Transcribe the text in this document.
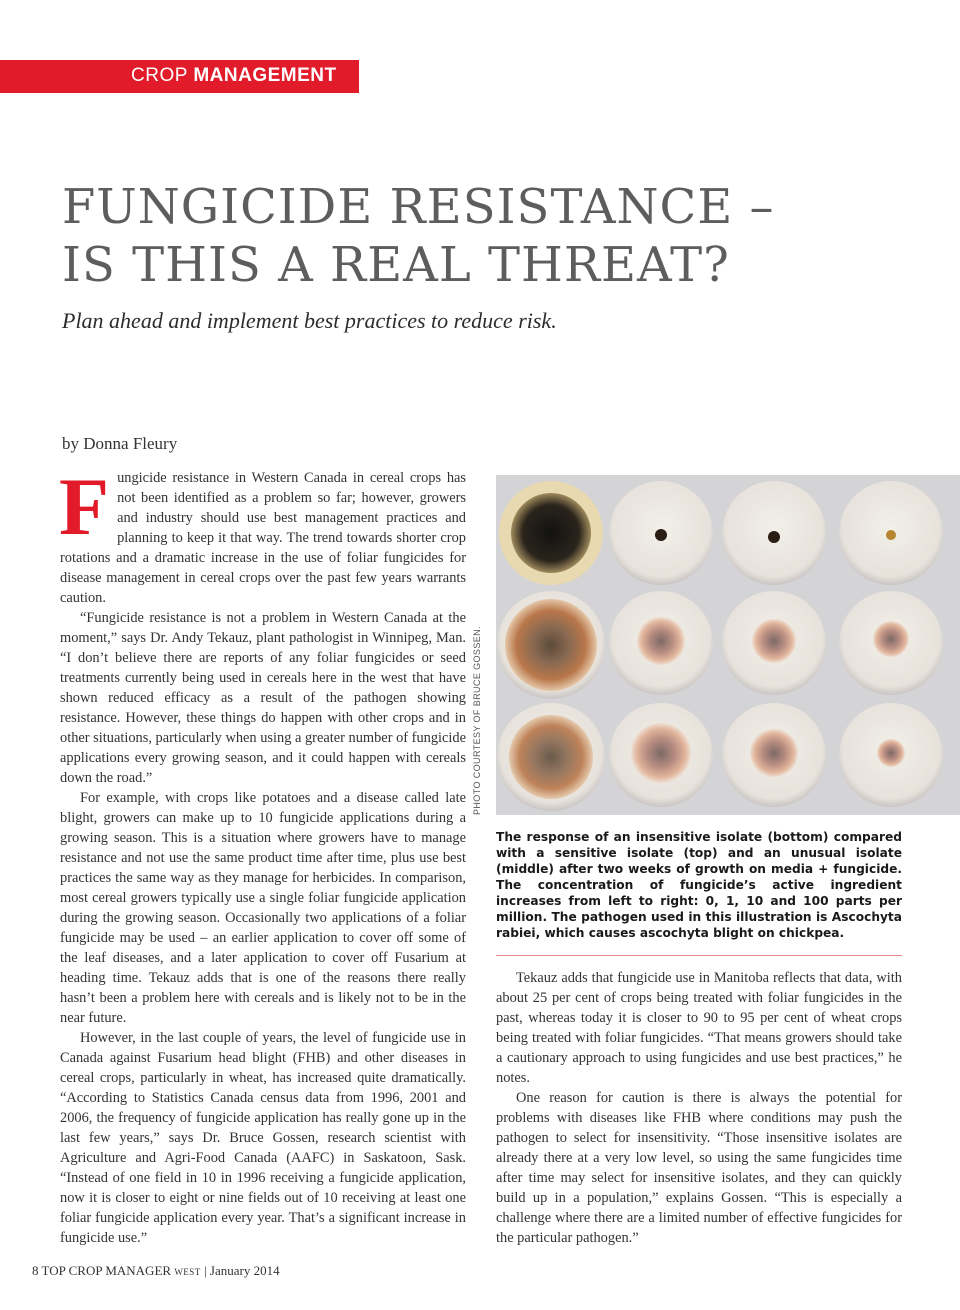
CROP MANAGEMENT
FUNGICIDE RESISTANCE –
IS THIS A REAL THREAT?

Plan ahead and implement best practices to reduce risk.

by Donna Fleury

Fungicide resistance in Western Canada in cereal crops has not been identified as a problem so far; however, growers and industry should use best management practices and planning to keep it that way. The trend towards shorter crop rotations and a dramatic increase in the use of foliar fungicides for disease management in cereal crops over the past few years warrants caution.

“Fungicide resistance is not a problem in Western Canada at the moment,” says Dr. Andy Tekauz, plant pathologist in Winnipeg, Man. “I don’t believe there are reports of any foliar fungicides or seed treatments currently being used in cereals here in the west that have shown reduced efficacy as a result of the pathogen showing resistance. However, these things do happen with other crops and in other situations, particularly when using a greater number of fungicide applications every growing season, and it could happen with cereals down the road.”

For example, with crops like potatoes and a disease called late blight, growers can make up to 10 fungicide applications during a growing season. This is a situation where growers have to manage resistance and not use the same product time after time, plus use best practices the same way as they manage for herbicides. In comparison, most cereal growers typically use a single foliar fungicide application during the growing season. Occasionally two applications of a foliar fungicide may be used – an earlier application to cover off some of the leaf diseases, and a later application to cover off Fusarium at heading time. Tekauz adds that is one of the reasons there really hasn’t been a problem here with cereals and is likely not to be in the near future.

However, in the last couple of years, the level of fungicide use in Canada against Fusarium head blight (FHB) and other diseases in cereal crops, particularly in wheat, has increased quite dramatically. “According to Statistics Canada census data from 1996, 2001 and 2006, the frequency of fungicide application has really gone up in the last few years,” says Dr. Bruce Gossen, research scientist with Agriculture and Agri-Food Canada (AAFC) in Saskatoon, Sask. “Instead of one field in 10 in 1996 receiving a fungicide application, now it is closer to eight or nine fields out of 10 receiving at least one foliar fungicide application every year. That’s a significant increase in fungicide use.”

PHOTO COURTESY OF BRUCE GOSSEN.

The response of an insensitive isolate (bottom) compared with a sensitive isolate (top) and an unusual isolate (middle) after two weeks of growth on media + fungicide. The concentration of fungicide’s active ingredient increases from left to right: 0, 1, 10 and 100 parts per million. The pathogen used in this illustration is Ascochyta rabiei, which causes ascochyta blight on chickpea.

Tekauz adds that fungicide use in Manitoba reflects that data, with about 25 per cent of crops being treated with foliar fungicides in the past, whereas today it is closer to 90 to 95 per cent of wheat crops being treated with foliar fungicides. “That means growers should take a cautionary approach to using fungicides and use best practices,” he notes.

One reason for caution is there is always the potential for problems with diseases like FHB where conditions may push the pathogen to select for insensitivity. “Those insensitive isolates are already there at a very low level, so using the same fungicides time after time may select for insensitive isolates, and they can quickly build up in a population,” explains Gossen. “This is especially a challenge where there are a limited number of effective fungicides for the particular pathogen.”

8 TOP CROP MANAGER WEST | January 2014
